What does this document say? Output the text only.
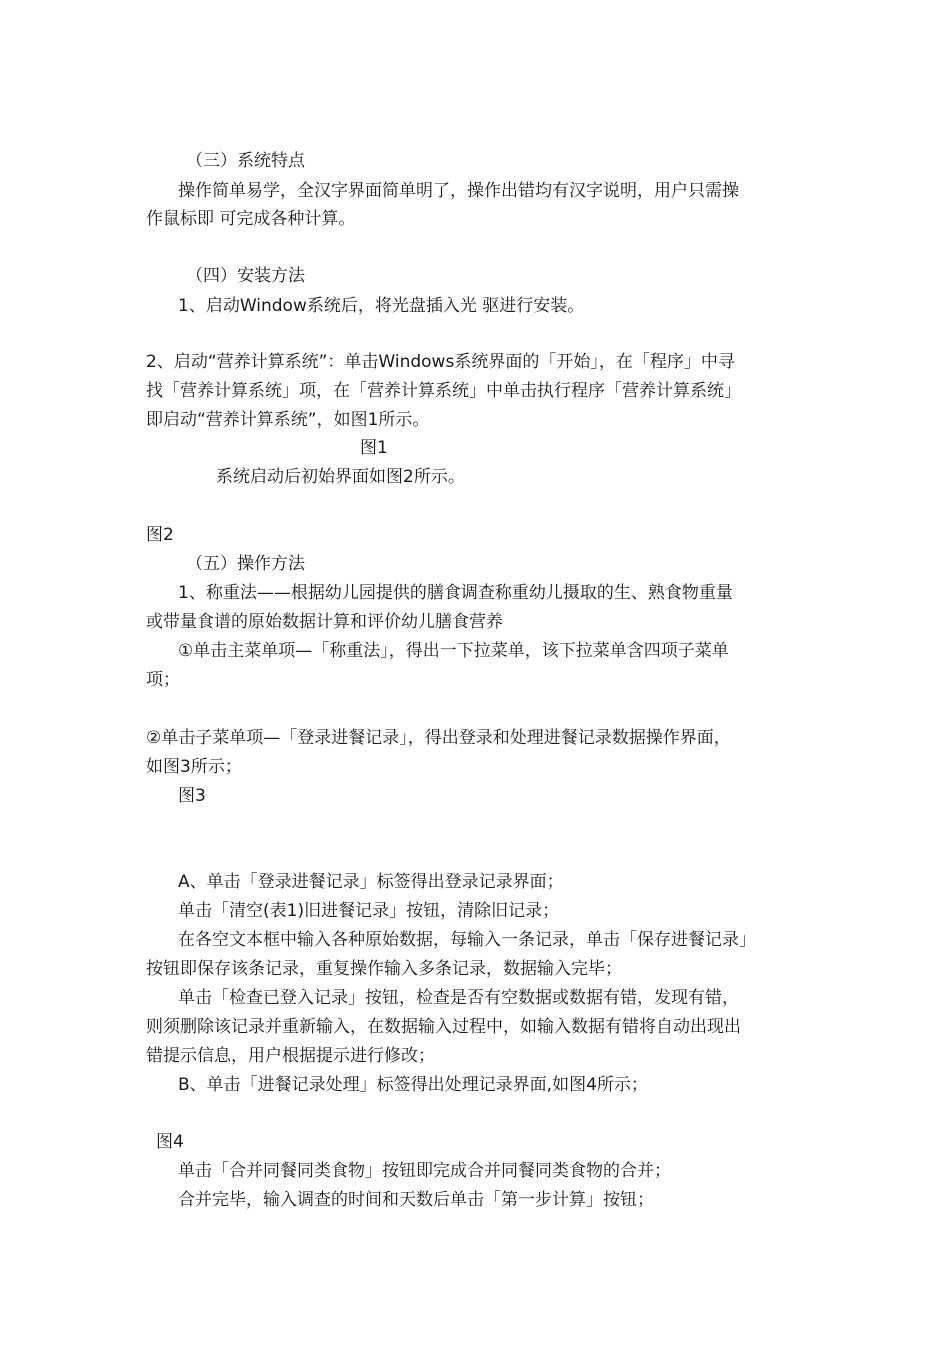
（三）系统特点
操作简单易学，全汉字界面简单明了，操作出错均有汉字说明，用户只需操
作鼠标即 可完成各种计算。
（四）安装方法
1、启动Window系统后，将光盘插入光 驱进行安装。
2、启动“营养计算系统”：单击Windows系统界面的「开始」，在「程序」中寻
找「营养计算系统」项，在「营养计算系统」中单击执行程序「营养计算系统」
即启动“营养计算系统”，如图1所示。
图1
系统启动后初始界面如图2所示。
图2
（五）操作方法
1、称重法——根据幼儿园提供的膳食调查称重幼儿摄取的生、熟食物重量
或带量食谱的原始数据计算和评价幼儿膳食营养
①单击主菜单项—「称重法」，得出一下拉菜单，该下拉菜单含四项子菜单
项；
②单击子菜单项—「登录进餐记录」，得出登录和处理进餐记录数据操作界面，
如图3所示；
图3
A、单击「登录进餐记录」标签得出登录记录界面；
单击「清空(表1)旧进餐记录」按钮，清除旧记录；
在各空文本框中输入各种原始数据，每输入一条记录，单击「保存进餐记录」
按钮即保存该条记录，重复操作输入多条记录，数据输入完毕；
单击「检查已登入记录」按钮，检查是否有空数据或数据有错，发现有错，
则须删除该记录并重新输入，在数据输入过程中，如输入数据有错将自动出现出
错提示信息，用户根据提示进行修改；
B、单击「进餐记录处理」标签得出处理记录界面,如图4所示；
图4
单击「合并同餐同类食物」按钮即完成合并同餐同类食物的合并；
合并完毕，输入调查的时间和天数后单击「第一步计算」按钮；
